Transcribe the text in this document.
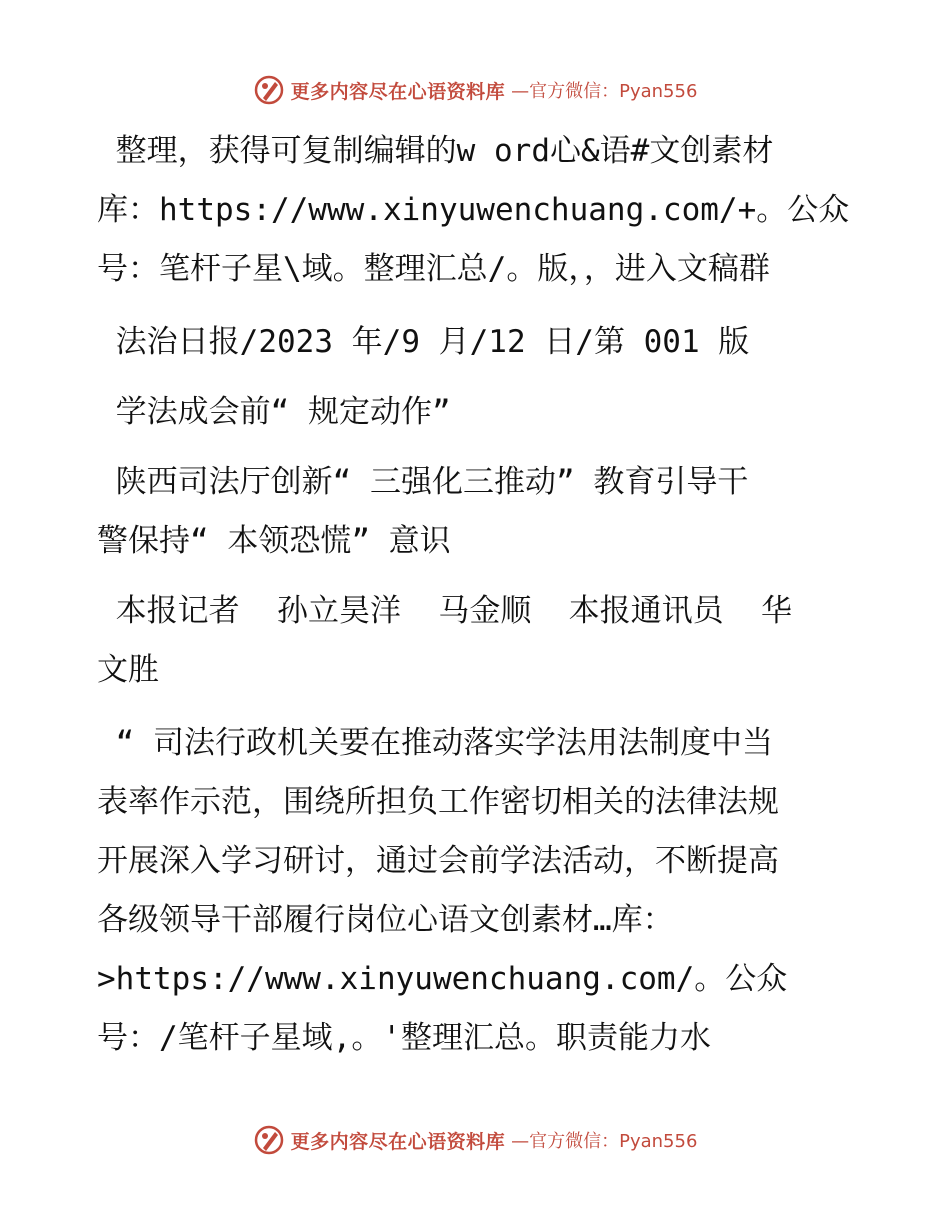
更多内容尽在心语资料库 —官方微信：Pyan556

整理，获得可复制编辑的w ord心&语#文创素材

库：https://www.xinyuwenchuang.com/+。公众

号：笔杆子星\域。整理汇总/。版，，进入文稿群

法治日报/2023 年/9 月/12 日/第 001 版

学法成会前“ 规定动作”

陕西司法厅创新“ 三强化三推动” 教育引导干

警保持“ 本领恐慌” 意识

本报记者  孙立昊洋  马金顺  本报通讯员  华

文胜

“ 司法行政机关要在推动落实学法用法制度中当

表率作示范，围绕所担负工作密切相关的法律法规

开展深入学习研讨，通过会前学法活动，不断提高

各级领导干部履行岗位心语文创素材…库：

>https://www.xinyuwenchuang.com/。公众

号：/笔杆子星域,。'整理汇总。职责能力水

更多内容尽在心语资料库 —官方微信：Pyan556
